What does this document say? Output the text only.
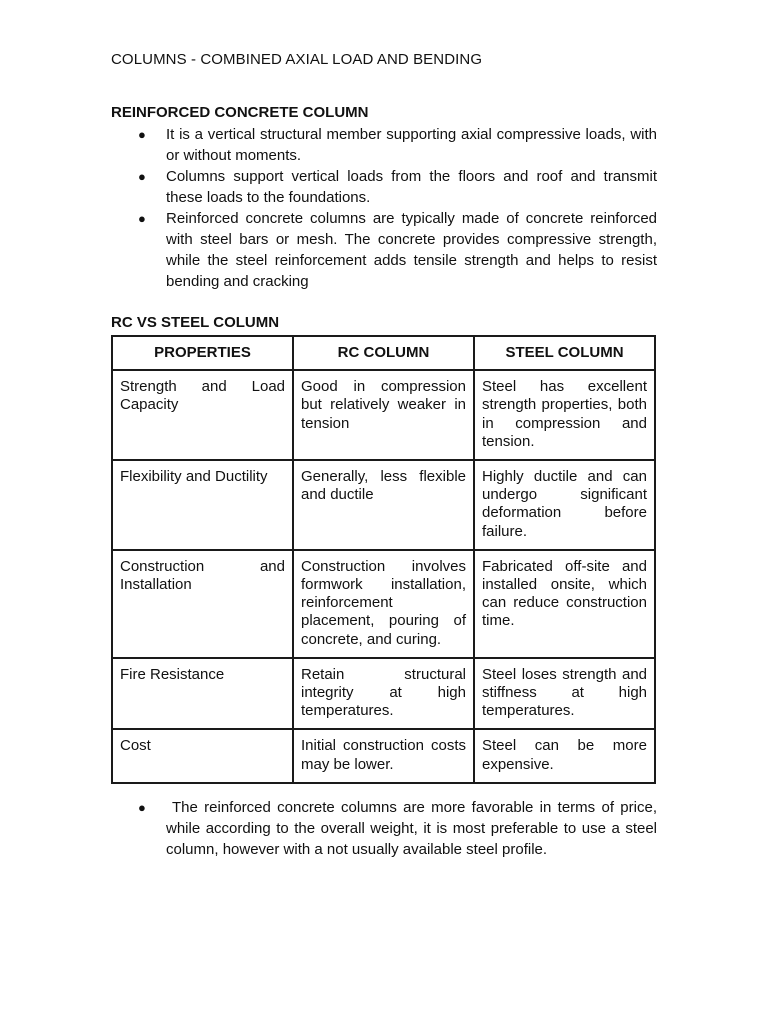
COLUMNS - COMBINED AXIAL LOAD AND BENDING
REINFORCED CONCRETE COLUMN
● It is a vertical structural member supporting axial compressive loads, with or without moments.
● Columns support vertical loads from the floors and roof and transmit these loads to the foundations.
● Reinforced concrete columns are typically made of concrete reinforced with steel bars or mesh. The concrete provides compressive strength, while the steel reinforcement adds tensile strength and helps to resist bending and cracking
RC VS STEEL COLUMN
PROPERTIES	RC COLUMN	STEEL COLUMN
Strength and Load Capacity	Good in compression but relatively weaker in tension	Steel has excellent strength properties, both in compression and tension.
Flexibility and Ductility	Generally, less flexible and ductile	Highly ductile and can undergo significant deformation before failure.
Construction and Installation	Construction involves formwork installation, reinforcement placement, pouring of concrete, and curing.	Fabricated off-site and installed onsite, which can reduce construction time.
Fire Resistance	Retain structural integrity at high temperatures.	Steel loses strength and stiffness at high temperatures.
Cost	Initial construction costs may be lower.	Steel can be more expensive.
● The reinforced concrete columns are more favorable in terms of price, while according to the overall weight, it is most preferable to use a steel column, however with a not usually available steel profile.
